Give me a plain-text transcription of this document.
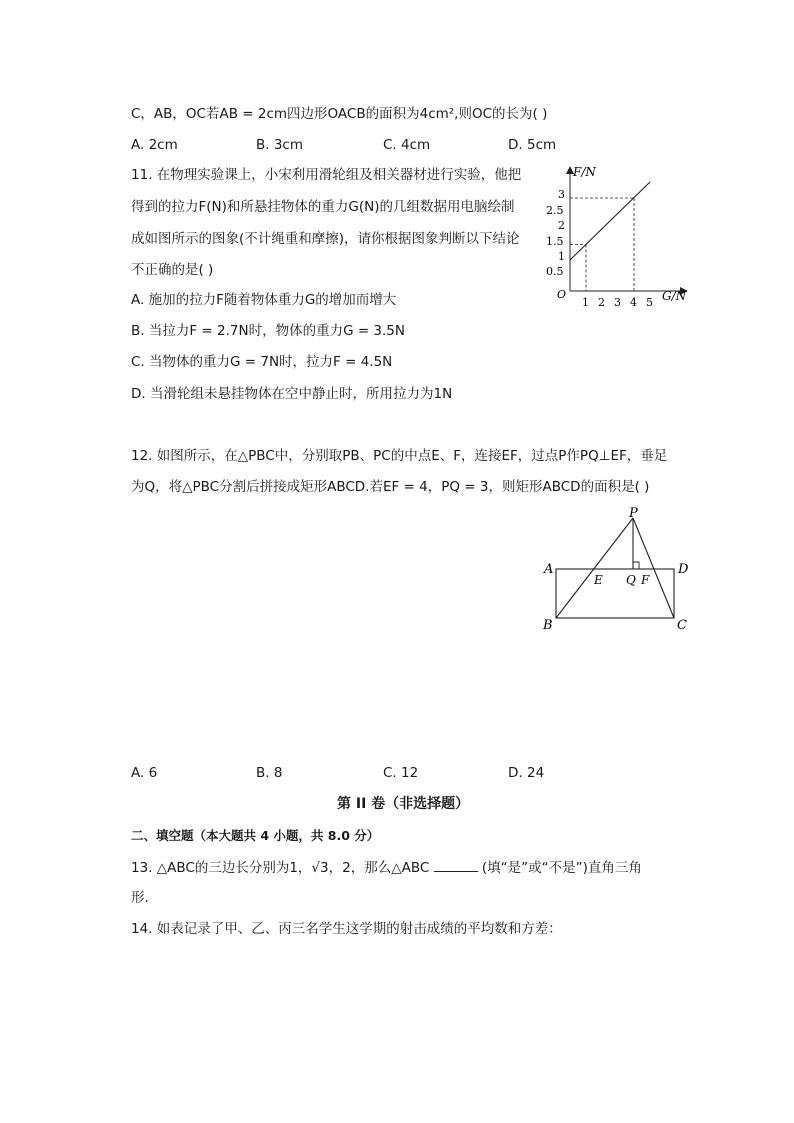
C，AB，OC若AB = 2cm四边形OACB的面积为4cm²,则OC的长为( )
A. 2cm	B. 3cm	C. 4cm	D. 5cm
11. 在物理实验课上，小宋利用滑轮组及相关器材进行实验，他把
得到的拉力F(N)和所悬挂物体的重力G(N)的几组数据用电脑绘制
成如图所示的图象(不计绳重和摩擦)，请你根据图象判断以下结论
不正确的是( )
A. 施加的拉力F随着物体重力G的增加而增大
B. 当拉力F = 2.7N时，物体的重力G = 3.5N
C. 当物体的重力G = 7N时，拉力F = 4.5N
D. 当滑轮组未悬挂物体在空中静止时，所用拉力为1N
F/N
G/N
O
0.5
1
1.5
2
2.5
3
1 2 3 4 5
12. 如图所示，在△PBC中，分别取PB、PC的中点E、F，连接EF，过点P作PQ⊥EF，垂足
为Q，将△PBC分割后拼接成矩形ABCD.若EF = 4，PQ = 3，则矩形ABCD的面积是( )
P
A	D
E Q F
B	C
A. 6	B. 8	C. 12	D. 24
第 II 卷（非选择题）
二、填空题（本大题共 4 小题，共 8.0 分）
13. △ABC的三边长分别为1，√3，2，那么△ABC	(填“是”或“不是”)直角三角
形.
14. 如表记录了甲、乙、丙三名学生这学期的射击成绩的平均数和方差：
